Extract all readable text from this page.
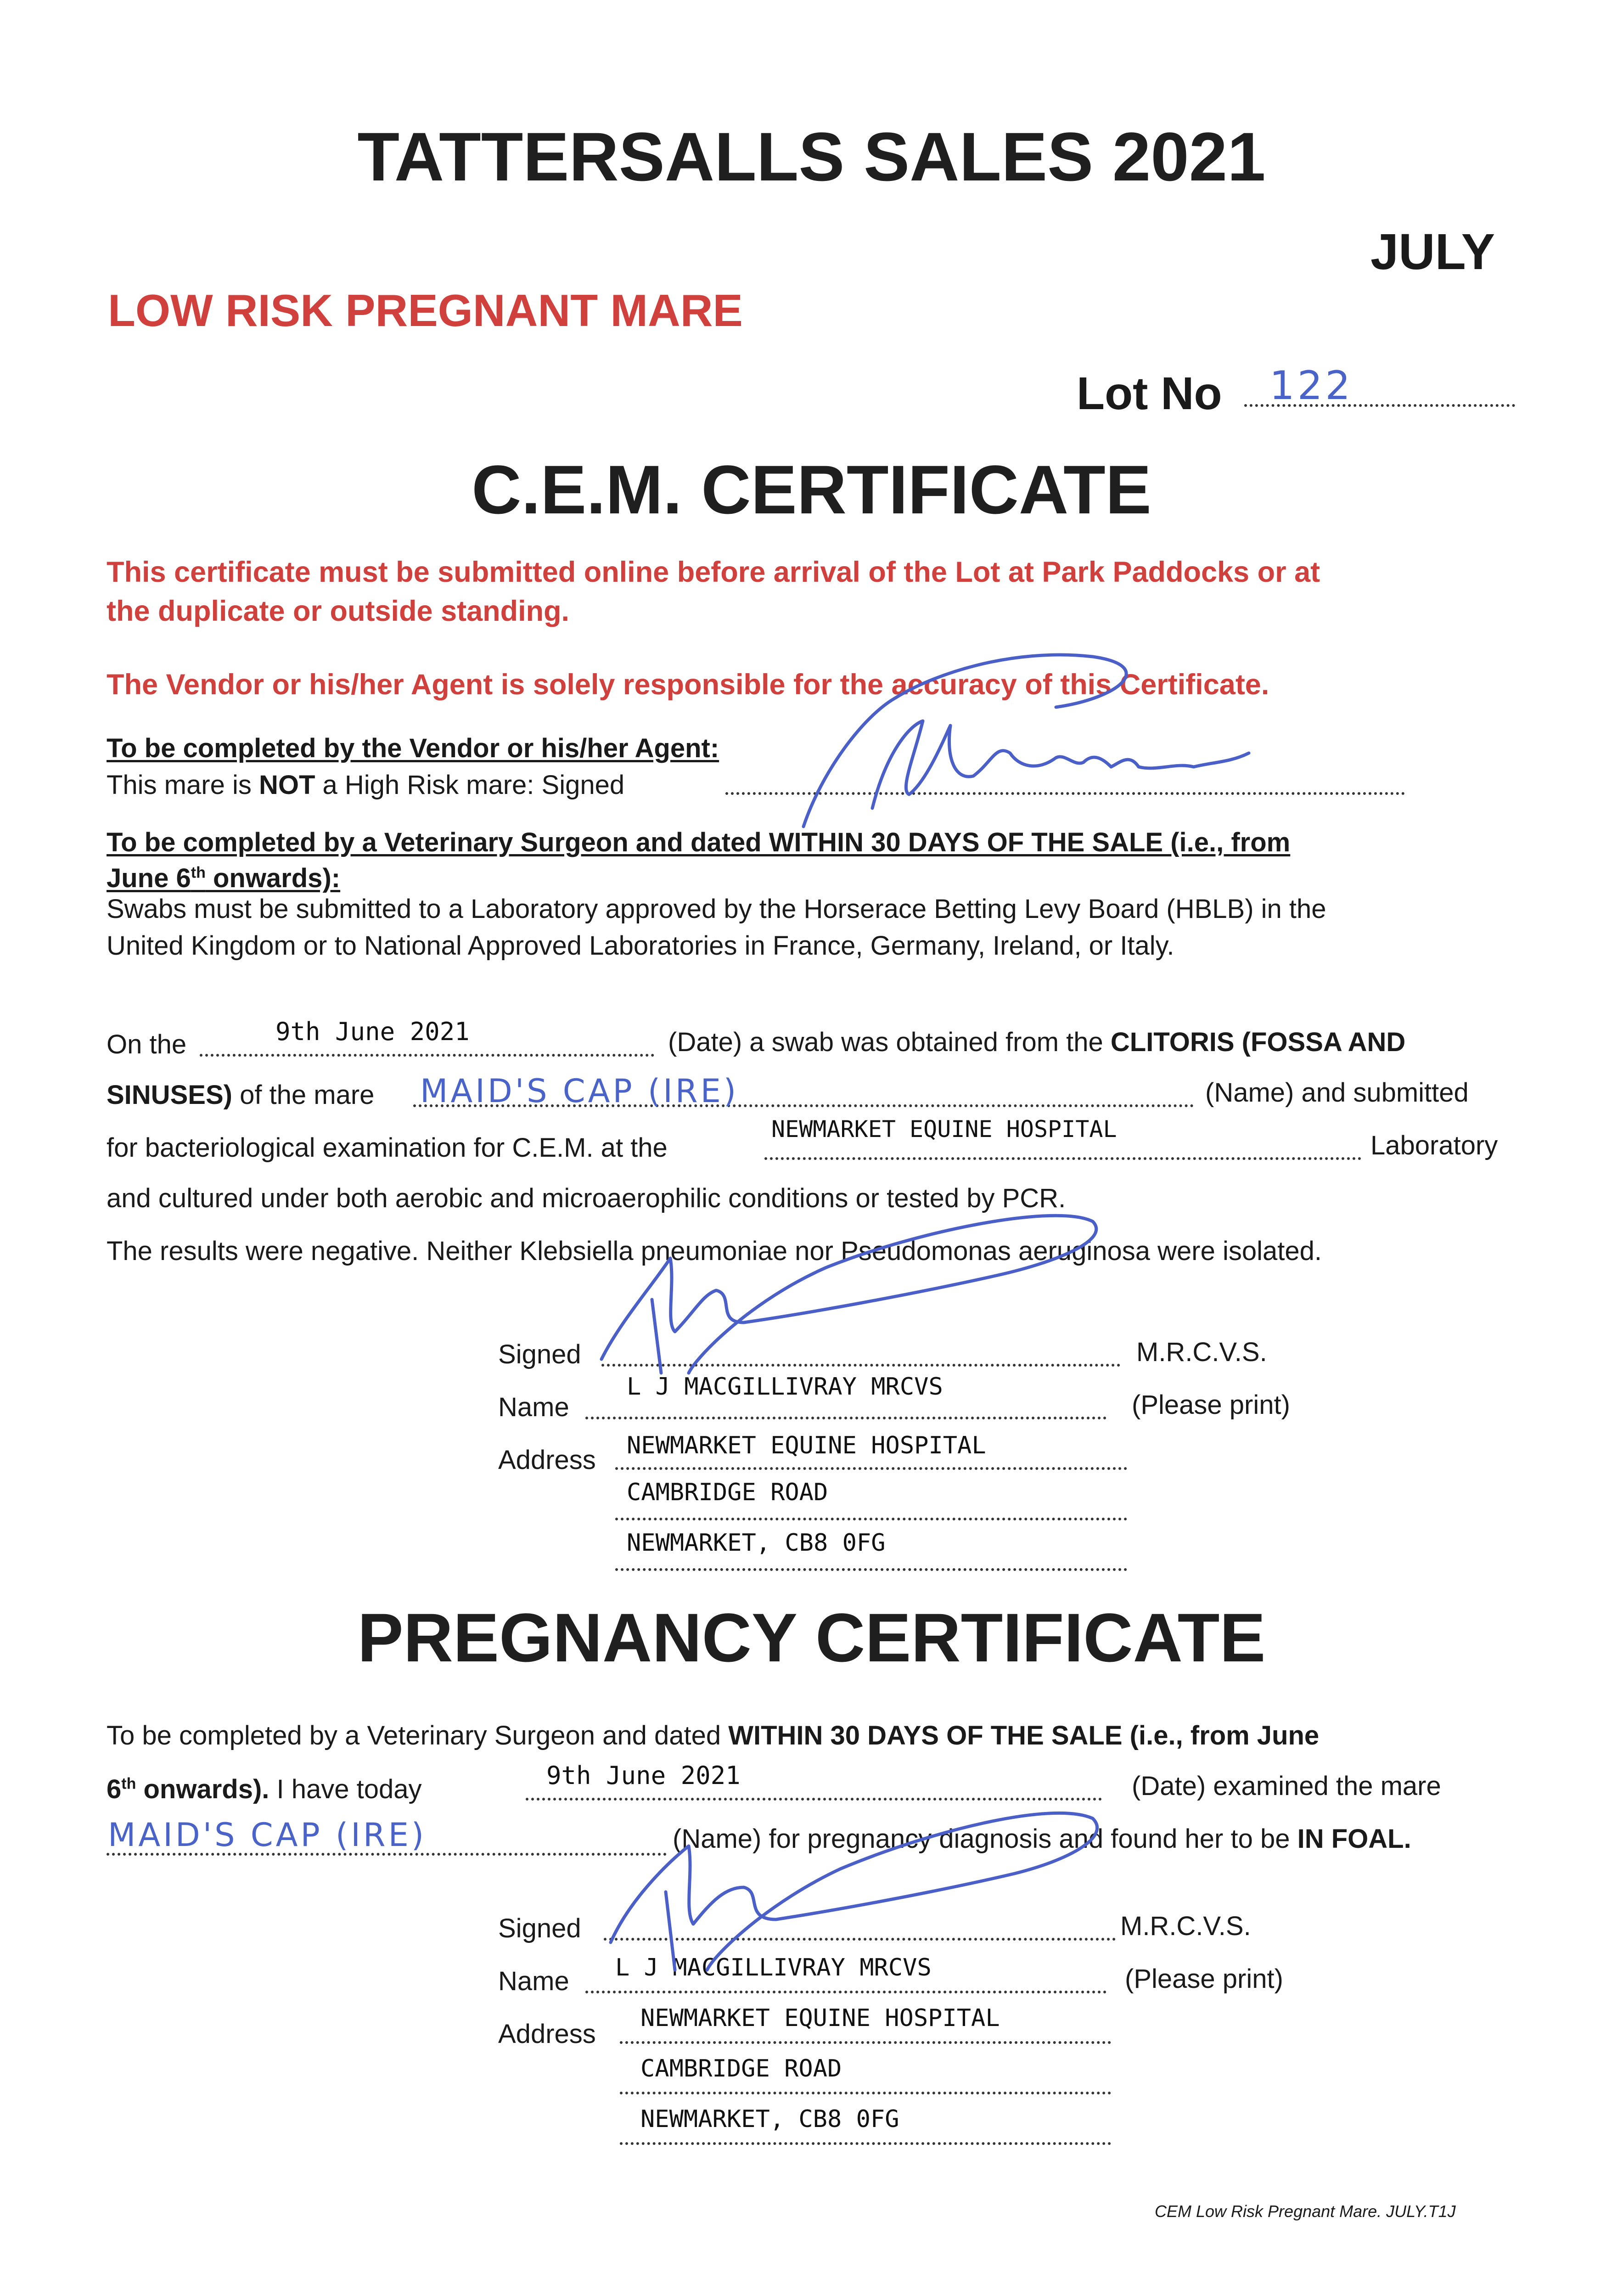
TATTERSALLS SALES 2021
JULY
LOW RISK PREGNANT MARE
Lot No 122
C.E.M. CERTIFICATE
This certificate must be submitted online before arrival of the Lot at Park Paddocks or at
the duplicate or outside standing.
The Vendor or his/her Agent is solely responsible for the accuracy of this Certificate.
To be completed by the Vendor or his/her Agent:
This mare is NOT a High Risk mare: Signed
To be completed by a Veterinary Surgeon and dated WITHIN 30 DAYS OF THE SALE (i.e., from
June 6th onwards):
Swabs must be submitted to a Laboratory approved by the Horserace Betting Levy Board (HBLB) in the
United Kingdom or to National Approved Laboratories in France, Germany, Ireland, or Italy.
On the	9th June 2021	(Date) a swab was obtained from the CLITORIS (FOSSA AND
SINUSES) of the mare MAID'S CAP (IRE)	(Name) and submitted
for bacteriological examination for C.E.M. at the
NEWMARKET EQUINE HOSPITAL
Laboratory
and cultured under both aerobic and microaerophilic conditions or tested by PCR.
The results were negative. Neither Klebsiella pneumoniae nor Pseudomonas aeruginosa were isolated.
Signed	M.R.C.V.S.
Name
L J MACGILLIVRAY MRCVS
(Please print)
Address NEWMARKET EQUINE HOSPITAL
CAMBRIDGE ROAD
NEWMARKET, CB8 0FG
PREGNANCY CERTIFICATE
To be completed by a Veterinary Surgeon and dated WITHIN 30 DAYS OF THE SALE (i.e., from June
6th onwards). I have today	9th June 2021	(Date) examined the mare
MAID'S CAP (IRE)	(Name) for pregnancy diagnosis and found her to be IN FOAL.
Signed	M.R.C.V.S.
Name L J MACGILLIVRAY MRCVS	(Please print)
Address
NEWMARKET EQUINE HOSPITAL
CAMBRIDGE ROAD
NEWMARKET, CB8 0FG
CEM Low Risk Pregnant Mare. JULY.T1J
